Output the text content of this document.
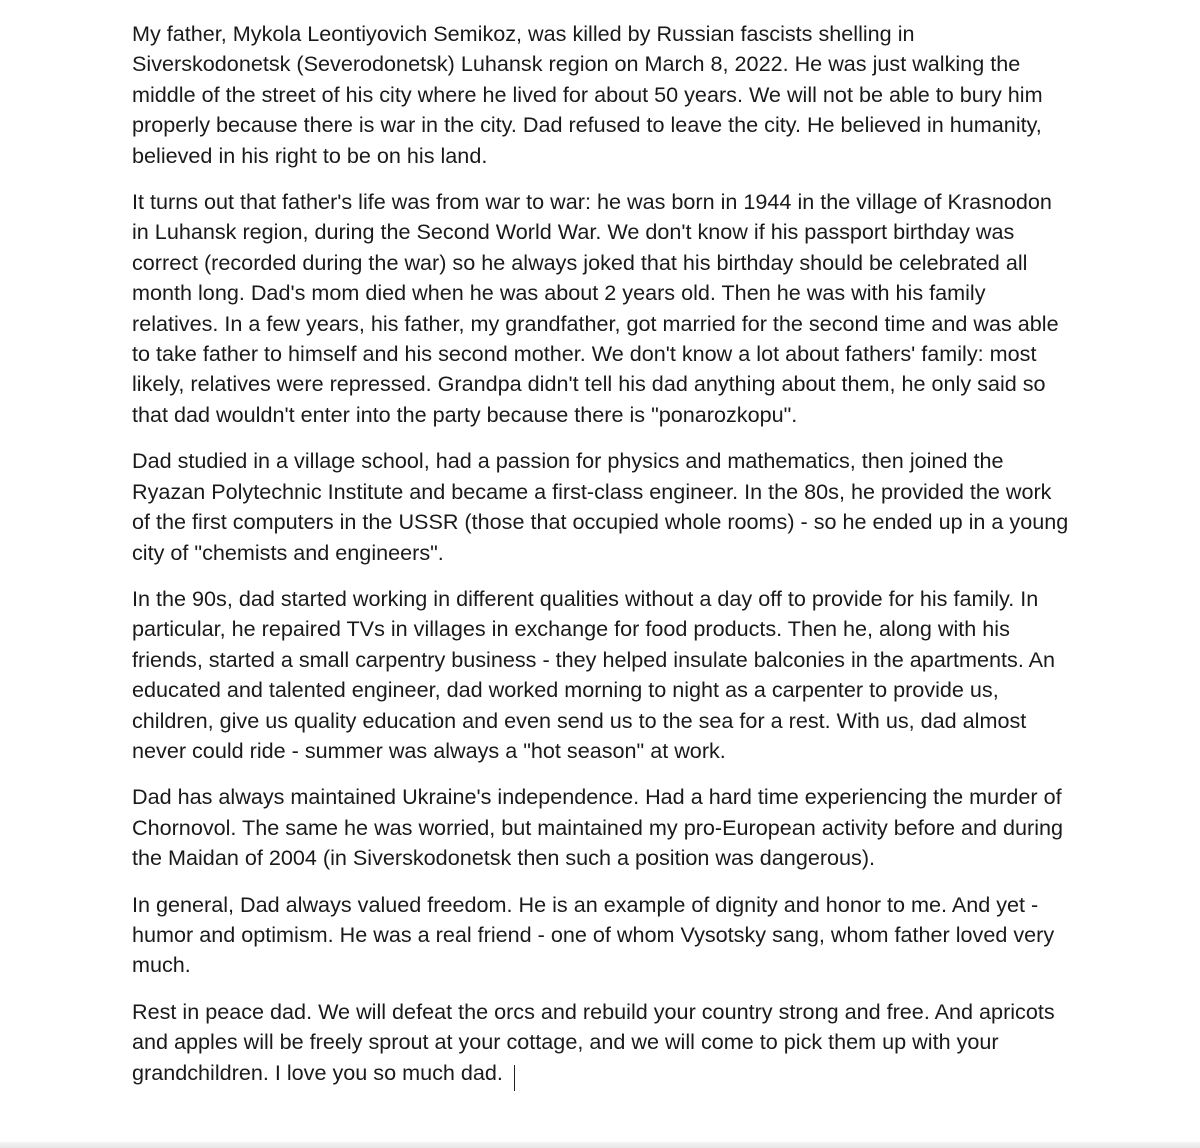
My father, Mykola Leontiyovich Semikoz, was killed by Russian fascists shelling in Siverskodonetsk (Severodonetsk) Luhansk region on March 8, 2022. He was just walking the middle of the street of his city where he lived for about 50 years. We will not be able to bury him properly because there is war in the city. Dad refused to leave the city. He believed in humanity, believed in his right to be on his land.

It turns out that father's life was from war to war: he was born in 1944 in the village of Krasnodon in Luhansk region, during the Second World War. We don't know if his passport birthday was correct (recorded during the war) so he always joked that his birthday should be celebrated all month long. Dad's mom died when he was about 2 years old. Then he was with his family relatives. In a few years, his father, my grandfather, got married for the second time and was able to take father to himself and his second mother. We don't know a lot about fathers' family: most likely, relatives were repressed. Grandpa didn't tell his dad anything about them, he only said so that dad wouldn't enter into the party because there is "ponarozkopu".

Dad studied in a village school, had a passion for physics and mathematics, then joined the Ryazan Polytechnic Institute and became a first-class engineer. In the 80s, he provided the work of the first computers in the USSR (those that occupied whole rooms) - so he ended up in a young city of "chemists and engineers".

In the 90s, dad started working in different qualities without a day off to provide for his family. In particular, he repaired TVs in villages in exchange for food products. Then he, along with his friends, started a small carpentry business - they helped insulate balconies in the apartments. An educated and talented engineer, dad worked morning to night as a carpenter to provide us, children, give us quality education and even send us to the sea for a rest. With us, dad almost never could ride - summer was always a "hot season" at work.

Dad has always maintained Ukraine's independence. Had a hard time experiencing the murder of Chornovol. The same he was worried, but maintained my pro-European activity before and during the Maidan of 2004 (in Siverskodonetsk then such a position was dangerous).

In general, Dad always valued freedom. He is an example of dignity and honor to me. And yet - humor and optimism. He was a real friend - one of whom Vysotsky sang, whom father loved very much.

Rest in peace dad. We will defeat the orcs and rebuild your country strong and free. And apricots and apples will be freely sprout at your cottage, and we will come to pick them up with your grandchildren. I love you so much dad.
